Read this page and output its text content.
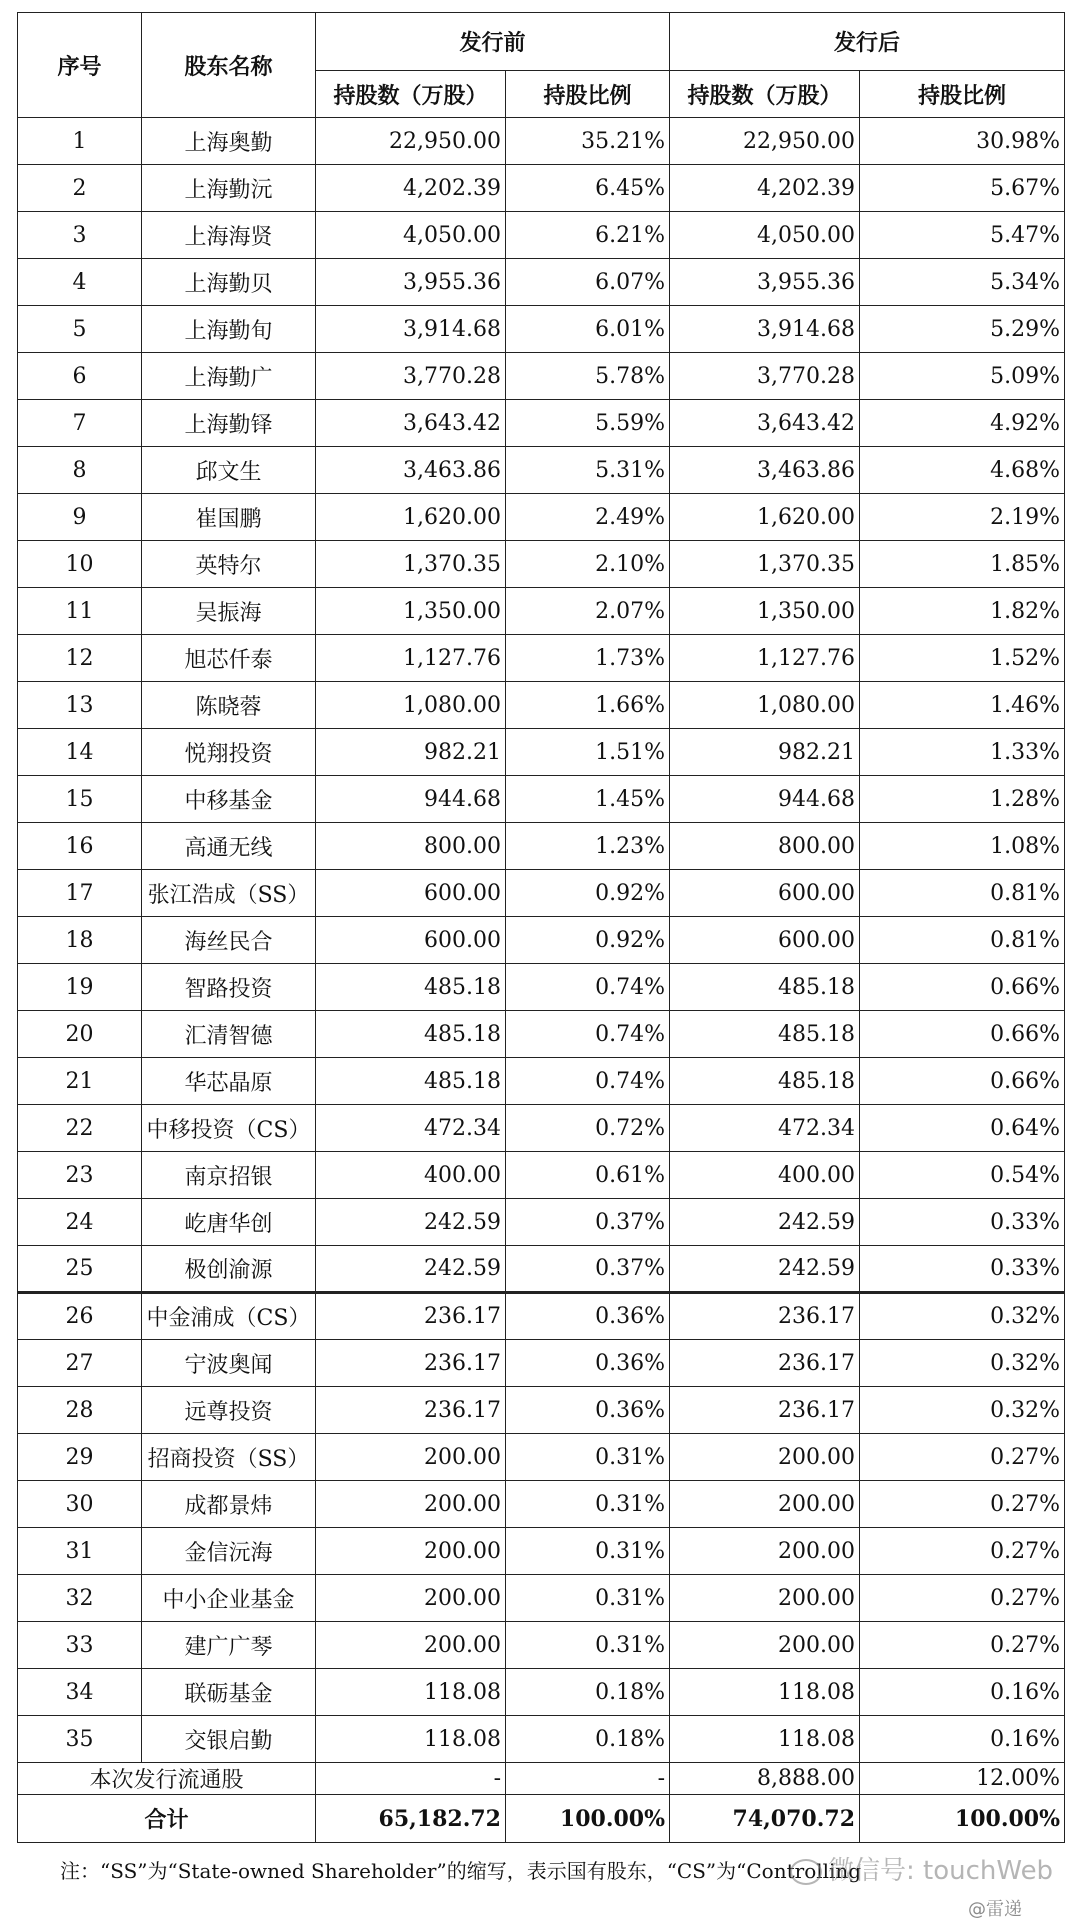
序号	股东名称	发行前		发行后	
		持股数（万股）	持股比例	持股数（万股）	持股比例
1	上海奥勤	22,950.00	35.21%	22,950.00	30.98%
2	上海勤沅	4,202.39	6.45%	4,202.39	5.67%
3	上海海贤	4,050.00	6.21%	4,050.00	5.47%
4	上海勤贝	3,955.36	6.07%	3,955.36	5.34%
5	上海勤旬	3,914.68	6.01%	3,914.68	5.29%
6	上海勤广	3,770.28	5.78%	3,770.28	5.09%
7	上海勤铎	3,643.42	5.59%	3,643.42	4.92%
8	邱文生	3,463.86	5.31%	3,463.86	4.68%
9	崔国鹏	1,620.00	2.49%	1,620.00	2.19%
10	英特尔	1,370.35	2.10%	1,370.35	1.85%
11	吴振海	1,350.00	2.07%	1,350.00	1.82%
12	旭芯仟泰	1,127.76	1.73%	1,127.76	1.52%
13	陈晓蓉	1,080.00	1.66%	1,080.00	1.46%
14	悦翔投资	982.21	1.51%	982.21	1.33%
15	中移基金	944.68	1.45%	944.68	1.28%
16	高通无线	800.00	1.23%	800.00	1.08%
17	张江浩成（SS）	600.00	0.92%	600.00	0.81%
18	海丝民合	600.00	0.92%	600.00	0.81%
19	智路投资	485.18	0.74%	485.18	0.66%
20	汇清智德	485.18	0.74%	485.18	0.66%
21	华芯晶原	485.18	0.74%	485.18	0.66%
22	中移投资（CS）	472.34	0.72%	472.34	0.64%
23	南京招银	400.00	0.61%	400.00	0.54%
24	屹唐华创	242.59	0.37%	242.59	0.33%
25	极创渝源	242.59	0.37%	242.59	0.33%
26	中金浦成（CS）	236.17	0.36%	236.17	0.32%
27	宁波奥闻	236.17	0.36%	236.17	0.32%
28	远尊投资	236.17	0.36%	236.17	0.32%
29	招商投资（SS）	200.00	0.31%	200.00	0.27%
30	成都景炜	200.00	0.31%	200.00	0.27%
31	金信沅海	200.00	0.31%	200.00	0.27%
32	中小企业基金	200.00	0.31%	200.00	0.27%
33	建广广琴	200.00	0.31%	200.00	0.27%
34	联砺基金	118.08	0.18%	118.08	0.16%
35	交银启勤	118.08	0.18%	118.08	0.16%
本次发行流通股		-	-	8,888.00	12.00%
合计		65,182.72	100.00%	74,070.72	100.00%
注：“SS”为“State-owned Shareholder”的缩写，表示国有股东，“CS”为“Controlling
微信号: touchWeb
@雷递
